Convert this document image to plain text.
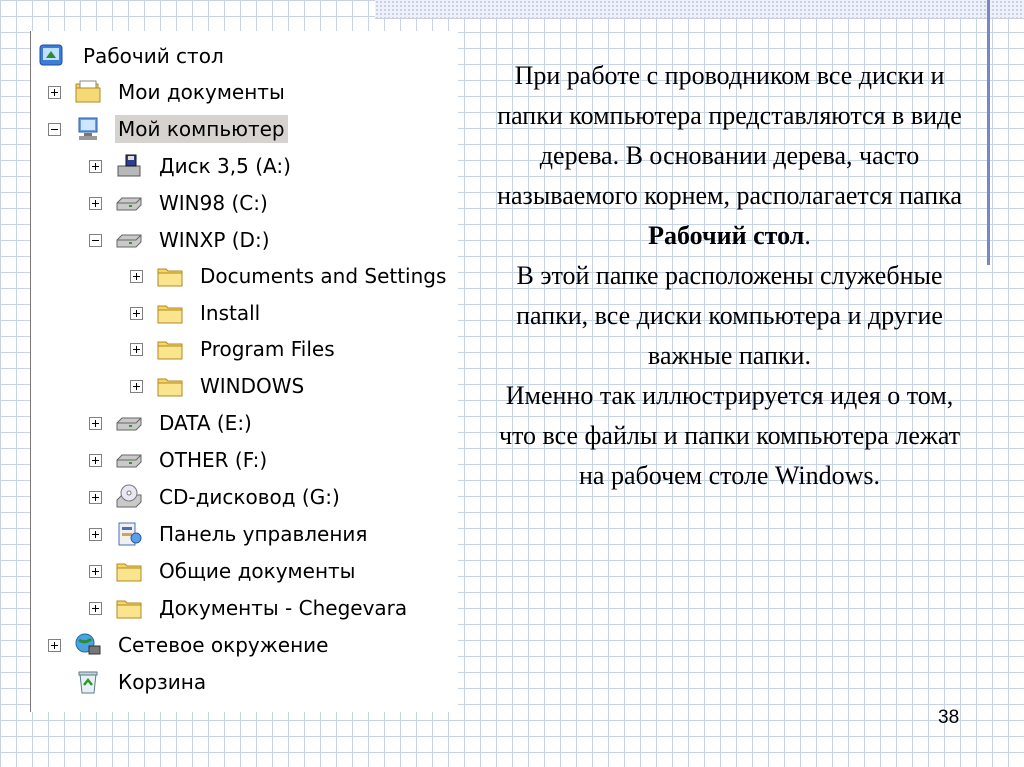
Рабочий стол
Мои документы
Мой компьютер
Диск 3,5 (A:)
WIN98 (C:)
WINXP (D:)
Documents and Settings
Install
Program Files
WINDOWS
DATA (E:)
OTHER (F:)
CD-дисковод (G:)
Панель управления
Общие документы
Документы - Chegevara
Сетевое окружение
Корзина

При работе с проводником все диски и папки компьютера представляются в виде дерева. В основании дерева, часто называемого корнем, располагается папка Рабочий стол.

В этой папке расположены служебные папки, все диски компьютера и другие важные папки.

Именно так иллюстрируется идея о том, что все файлы и папки компьютера лежат на рабочем столе Windows.

38
